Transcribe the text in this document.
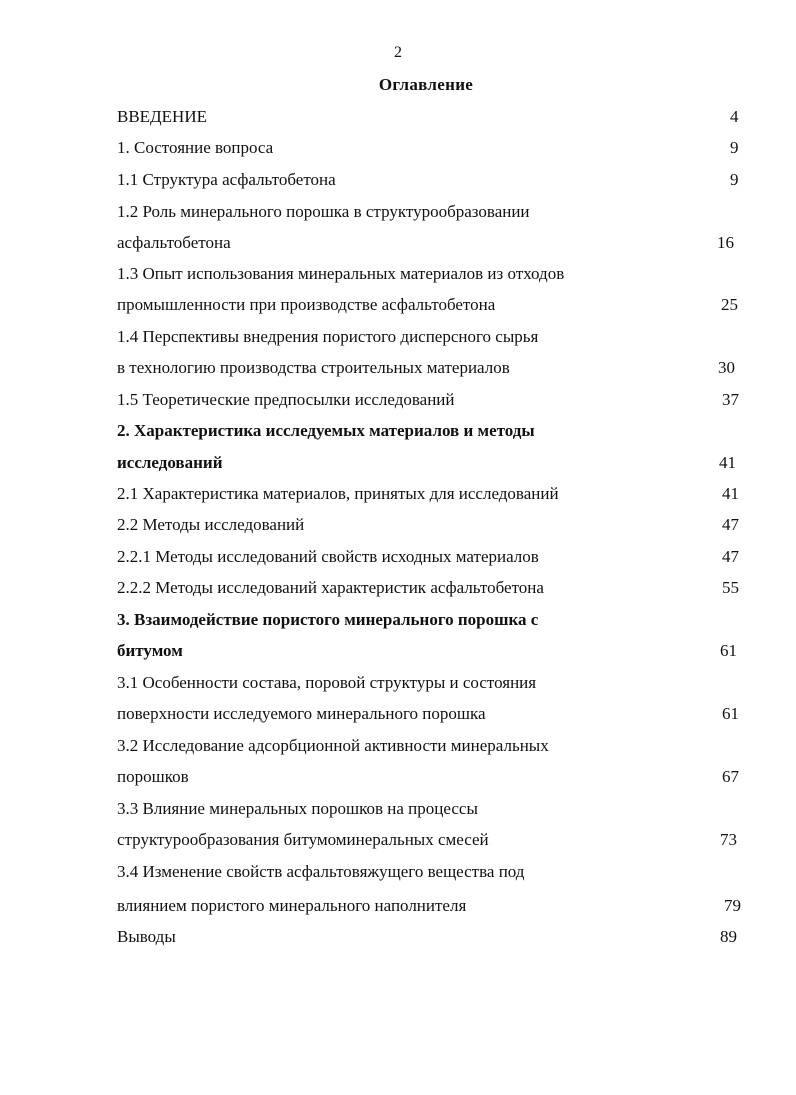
2
Оглавление
ВВЕДЕНИЕ	4
1. Состояние вопроса	9
1.1 Структура асфальтобетона	9
1.2 Роль минерального порошка в структурообразовании
асфальтобетона	16
1.3 Опыт использования минеральных материалов из отходов
промышленности при производстве асфальтобетона	25
1.4 Перспективы внедрения пористого дисперсного сырья
в технологию производства строительных материалов	30
1.5 Теоретические предпосылки исследований	37
2. Характеристика исследуемых материалов и методы
исследований	41
2.1 Характеристика материалов, принятых для исследований	41
2.2 Методы исследований	47
2.2.1 Методы исследований свойств исходных материалов	47
2.2.2 Методы исследований характеристик асфальтобетона	55
3. Взаимодействие пористого минерального порошка с
битумом	61
3.1 Особенности состава, поровой структуры и состояния
поверхности исследуемого минерального порошка	61
3.2 Исследование адсорбционной активности минеральных
порошков	67
3.3 Влияние минеральных порошков на процессы
структурообразования битумоминеральных смесей	73
3.4 Изменение свойств асфальтовяжущего вещества под
влиянием пористого минерального наполнителя	79
Выводы	89
